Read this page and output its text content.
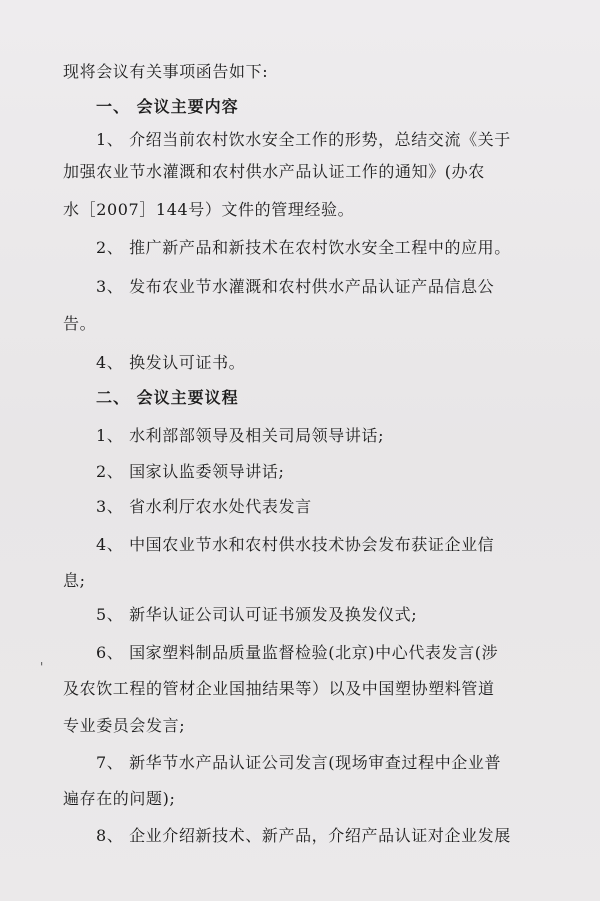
现将会议有关事项函告如下:
一、 会议主要内容
1、 介绍当前农村饮水安全工作的形势，总结交流《关于
加强农业节水灌溉和农村供水产品认证工作的通知》(办农
水［2007］144号）文件的管理经验。
2、 推广新产品和新技术在农村饮水安全工程中的应用。
3、 发布农业节水灌溉和农村供水产品认证产品信息公
告。
4、 换发认可证书。
二、 会议主要议程
1、 水利部部领导及相关司局领导讲话;
2、 国家认监委领导讲话;
3、 省水利厅农水处代表发言
4、 中国农业节水和农村供水技术协会发布获证企业信
息;
5、 新华认证公司认可证书颁发及换发仪式;
6、 国家塑料制品质量监督检验(北京)中心代表发言(涉
及农饮工程的管材企业国抽结果等）以及中国塑协塑料管道
专业委员会发言;
7、 新华节水产品认证公司发言(现场审查过程中企业普
遍存在的问题);
8、 企业介绍新技术、新产品，介绍产品认证对企业发展
'
